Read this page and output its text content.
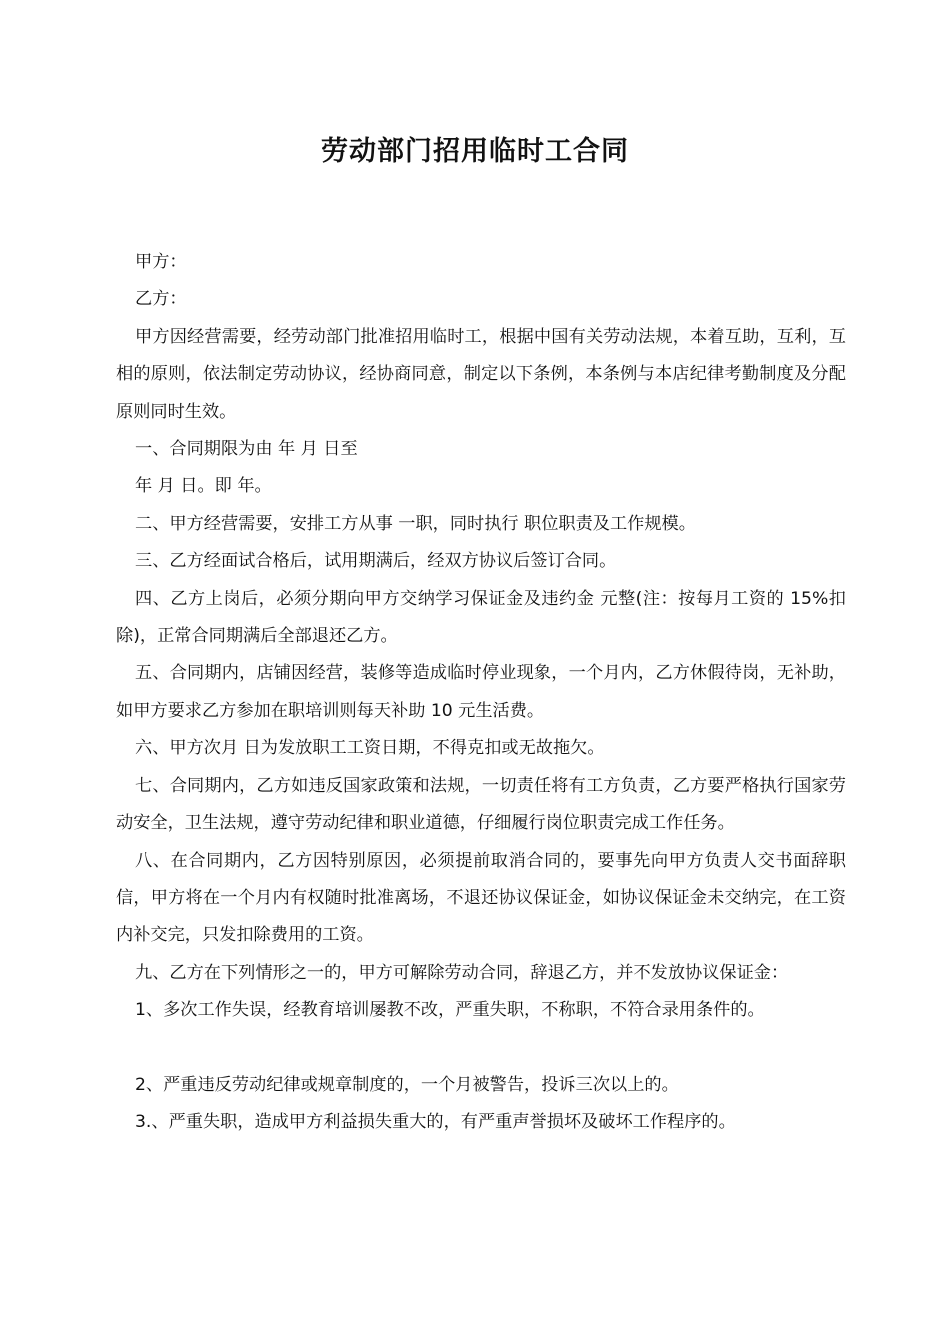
劳动部门招用临时工合同

甲方：

乙方：

甲方因经营需要，经劳动部门批准招用临时工，根据中国有关劳动法规，本着互助，互利，互相的原则，依法制定劳动协议，经协商同意，制定以下条例，本条例与本店纪律考勤制度及分配原则同时生效。

一、合同期限为由 年 月 日至

年 月 日。即 年。

二、甲方经营需要，安排工方从事 一职，同时执行 职位职责及工作规模。

三、乙方经面试合格后，试用期满后，经双方协议后签订合同。

四、乙方上岗后，必须分期向甲方交纳学习保证金及违约金 元整(注：按每月工资的 15%扣除)，正常合同期满后全部退还乙方。

五、合同期内，店铺因经营，装修等造成临时停业现象，一个月内，乙方休假待岗，无补助，如甲方要求乙方参加在职培训则每天补助 10 元生活费。

六、甲方次月 日为发放职工工资日期，不得克扣或无故拖欠。

七、合同期内，乙方如违反国家政策和法规，一切责任将有工方负责，乙方要严格执行国家劳动安全，卫生法规，遵守劳动纪律和职业道德，仔细履行岗位职责完成工作任务。

八、在合同期内，乙方因特别原因，必须提前取消合同的，要事先向甲方负责人交书面辞职信，甲方将在一个月内有权随时批准离场，不退还协议保证金，如协议保证金未交纳完，在工资内补交完，只发扣除费用的工资。

九、乙方在下列情形之一的，甲方可解除劳动合同，辞退乙方，并不发放协议保证金：

1、多次工作失误，经教育培训屡教不改，严重失职，不称职，不符合录用条件的。

2、严重违反劳动纪律或规章制度的，一个月被警告，投诉三次以上的。

3.、严重失职，造成甲方利益损失重大的，有严重声誉损坏及破坏工作程序的。
